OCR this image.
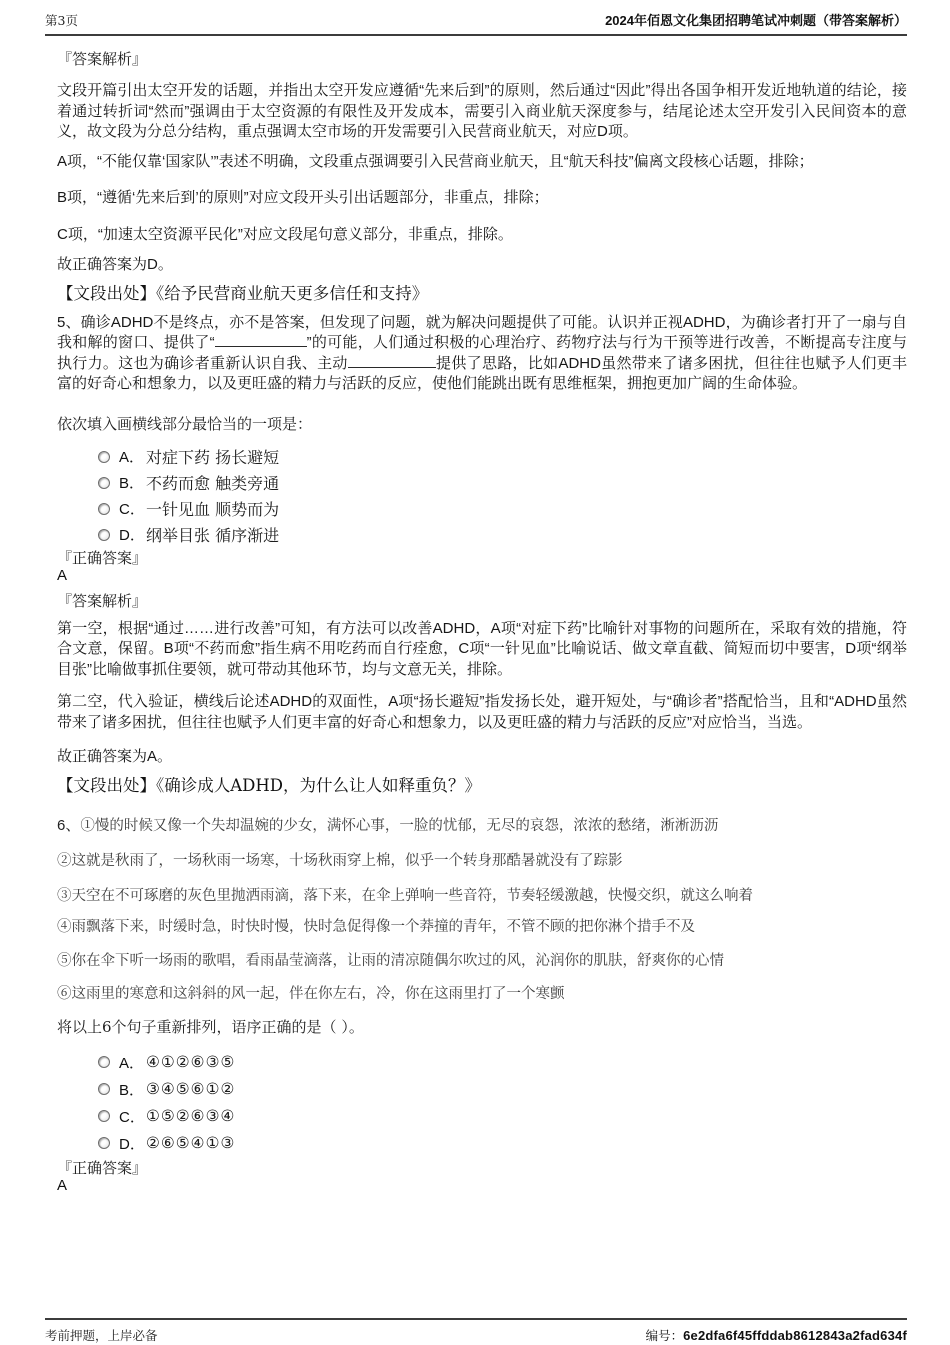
第3页	2024年佰恩文化集团招聘笔试冲刺题（带答案解析）
『答案解析』

文段开篇引出太空开发的话题，并指出太空开发应遵循“先来后到”的原则，然后通过“因此”得出各国争相开发近地轨道的结论，接着通过转折词“然而”强调由于太空资源的有限性及开发成本，需要引入商业航天深度参与，结尾论述太空开发引入民间资本的意义，故文段为分总分结构，重点强调太空市场的开发需要引入民营商业航天，对应D项。

A项，“不能仅靠‘国家队’”表述不明确，文段重点强调要引入民营商业航天，且“航天科技”偏离文段核心话题，排除；

B项，“遵循‘先来后到’的原则”对应文段开头引出话题部分，非重点，排除；

C项，“加速太空资源平民化”对应文段尾句意义部分，非重点，排除。

故正确答案为D。

【文段出处】《给予民营商业航天更多信任和支持》

5、确诊ADHD不是终点，亦不是答案，但发现了问题，就为解决问题提供了可能。认识并正视ADHD，为确诊者打开了一扇与自我和解的窗口、提供了“	”的可能，人们通过积极的心理治疗、药物疗法与行为干预等进行改善，不断提高专注度与执行力。这也为确诊者重新认识自我、主动	提供了思路，比如ADHD虽然带来了诸多困扰，但往往也赋予人们更丰富的好奇心和想象力，以及更旺盛的精力与活跃的反应，使他们能跳出既有思维框架，拥抱更加广阔的生命体验。

依次填入画横线部分最恰当的一项是：

A． 对症下药 扬长避短
B． 不药而愈 触类旁通
C． 一针见血 顺势而为
D． 纲举目张 循序渐进
『正确答案』

A

『答案解析』

第一空，根据“通过……进行改善”可知，有方法可以改善ADHD，A项“对症下药”比喻针对事物的问题所在，采取有效的措施，符合文意，保留。B项“不药而愈”指生病不用吃药而自行痊愈，C项“一针见血”比喻说话、做文章直截、简短而切中要害，D项“纲举目张”比喻做事抓住要领，就可带动其他环节，均与文意无关，排除。

第二空，代入验证，横线后论述ADHD的双面性，A项“扬长避短”指发扬长处，避开短处，与“确诊者”搭配恰当，且和“ADHD虽然带来了诸多困扰，但往往也赋予人们更丰富的好奇心和想象力，以及更旺盛的精力与活跃的反应”对应恰当，当选。

故正确答案为A。

【文段出处】《确诊成人ADHD，为什么让人如释重负？》

6、①慢的时候又像一个失却温婉的少女，满怀心事，一脸的忧郁，无尽的哀怨，浓浓的愁绪，淅淅沥沥

②这就是秋雨了，一场秋雨一场寒，十场秋雨穿上棉，似乎一个转身那酷暑就没有了踪影

③天空在不可琢磨的灰色里抛洒雨滴，落下来，在伞上弹响一些音符，节奏轻缓激越，快慢交织，就这么响着

④雨飘落下来，时缓时急，时快时慢，快时急促得像一个莽撞的青年，不管不顾的把你淋个措手不及

⑤你在伞下听一场雨的歌唱，看雨晶莹滴落，让雨的清凉随偶尔吹过的风，沁润你的肌肤，舒爽你的心情

⑥这雨里的寒意和这斜斜的风一起，伴在你左右，冷，你在这雨里打了一个寒颤

将以上6个句子重新排列，语序正确的是（ ）。

A． ④①②⑥③⑤
B． ③④⑤⑥①②
C． ①⑤②⑥③④
D． ②⑥⑤④①③
『正确答案』

A

考前押题，上岸必备	编号：6e2dfa6f45ffddab8612843a2fad634f
